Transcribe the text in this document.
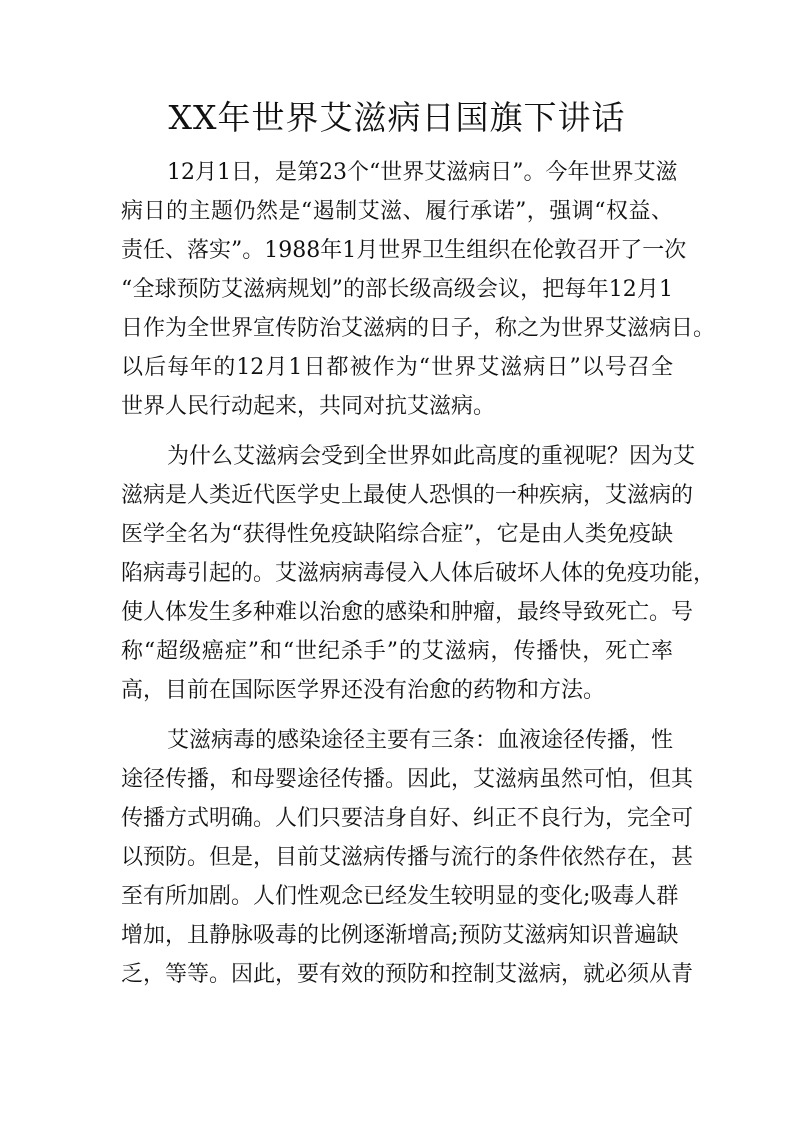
XX年世界艾滋病日国旗下讲话
12月1日，是第23个“世界艾滋病日”。今年世界艾滋
病日的主题仍然是“遏制艾滋、履行承诺”，强调“权益、
责任、落实”。1988年1月世界卫生组织在伦敦召开了一次
“全球预防艾滋病规划”的部长级高级会议，把每年12月1
日作为全世界宣传防治艾滋病的日子，称之为世界艾滋病日。
以后每年的12月1日都被作为“世界艾滋病日”以号召全
世界人民行动起来，共同对抗艾滋病。
为什么艾滋病会受到全世界如此高度的重视呢？因为艾
滋病是人类近代医学史上最使人恐惧的一种疾病，艾滋病的
医学全名为“获得性免疫缺陷综合症”，它是由人类免疫缺
陷病毒引起的。艾滋病病毒侵入人体后破坏人体的免疫功能，
使人体发生多种难以治愈的感染和肿瘤，最终导致死亡。号
称“超级癌症”和“世纪杀手”的艾滋病，传播快，死亡率
高，目前在国际医学界还没有治愈的药物和方法。
艾滋病毒的感染途径主要有三条：血液途径传播，性
途径传播，和母婴途径传播。因此，艾滋病虽然可怕，但其
传播方式明确。人们只要洁身自好、纠正不良行为，完全可
以预防。但是，目前艾滋病传播与流行的条件依然存在，甚
至有所加剧。人们性观念已经发生较明显的变化;吸毒人群
增加，且静脉吸毒的比例逐渐增高;预防艾滋病知识普遍缺
乏，等等。因此，要有效的预防和控制艾滋病，就必须从青
